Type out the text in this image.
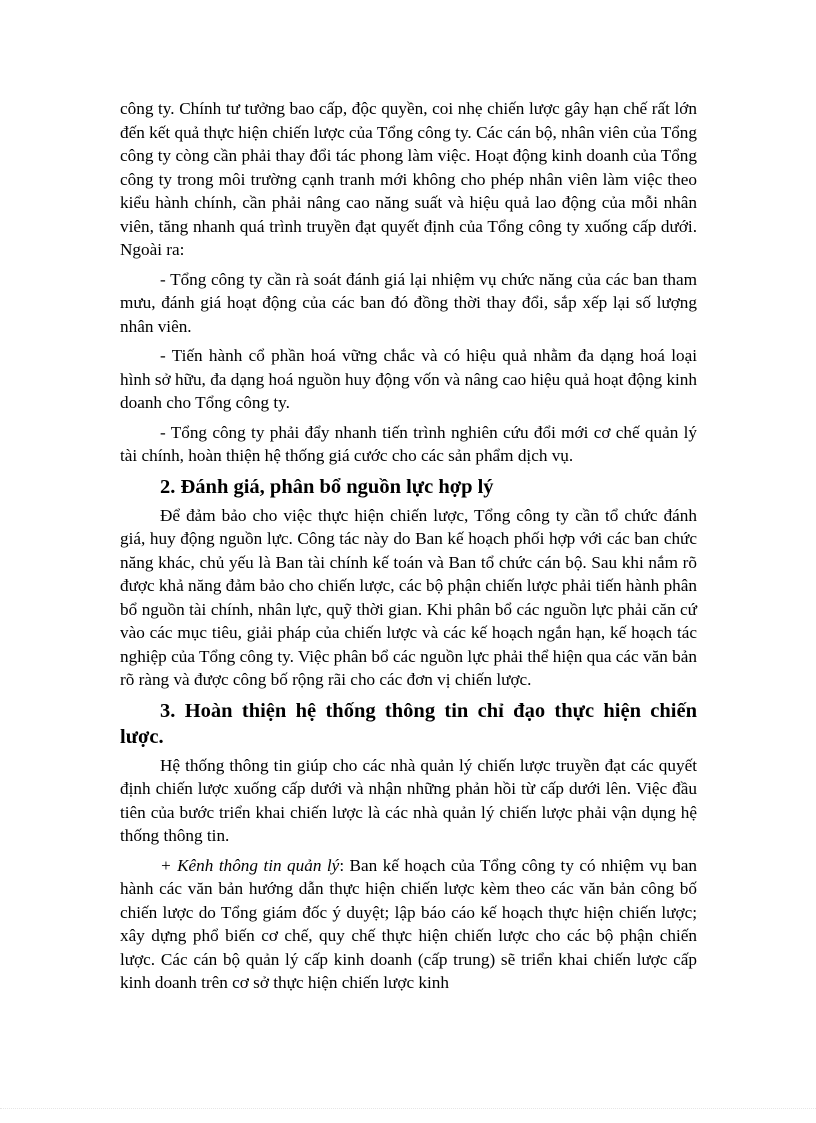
công ty. Chính tư tưởng bao cấp, độc quyền, coi nhẹ chiến lược gây hạn chế rất lớn đến kết quả thực hiện chiến lược của Tổng công ty. Các cán bộ, nhân viên của Tổng công ty còng cần phải thay đổi tác phong làm việc. Hoạt động kinh doanh của Tổng công ty trong môi trường cạnh tranh mới không cho phép nhân viên làm việc theo kiểu hành chính, cần phải nâng cao năng suất và hiệu quả lao động của mỗi nhân viên, tăng nhanh quá trình truyền đạt quyết định của Tổng công ty xuống cấp dưới. Ngoài ra:

- Tổng công ty cần rà soát đánh giá lại nhiệm vụ chức năng của các ban tham mưu, đánh giá hoạt động của các ban đó đồng thời thay đổi, sắp xếp lại số lượng nhân viên.

- Tiến hành cổ phần hoá vững chắc và có hiệu quả nhằm đa dạng hoá loại hình sở hữu, đa dạng hoá nguồn huy động vốn và nâng cao hiệu quả hoạt động kinh doanh cho Tổng công ty.

- Tổng công ty phải đẩy nhanh tiến trình nghiên cứu đổi mới cơ chế quản lý tài chính, hoàn thiện hệ thống giá cước cho các sản phẩm dịch vụ.

2. Đánh giá, phân bổ nguồn lực hợp lý

Để đảm bảo cho việc thực hiện chiến lược, Tổng công ty cần tổ chức đánh giá, huy động nguồn lực. Công tác này do Ban kế hoạch phối hợp với các ban chức năng khác, chủ yếu là Ban tài chính kế toán và Ban tổ chức cán bộ. Sau khi nắm rõ được khả năng đảm bảo cho chiến lược, các bộ phận chiến lược phải tiến hành phân bổ nguồn tài chính, nhân lực, quỹ thời gian. Khi phân bổ các nguồn lực phải căn cứ vào các mục tiêu, giải pháp của chiến lược và các kế hoạch ngắn hạn, kế hoạch tác nghiệp của Tổng công ty. Việc phân bổ các nguồn lực phải thể hiện qua các văn bản rõ ràng và được công bố rộng rãi cho các đơn vị chiến lược.

3. Hoàn thiện hệ thống thông tin chỉ đạo thực hiện chiến lược.

Hệ thống thông tin giúp cho các nhà quản lý chiến lược truyền đạt các quyết định chiến lược xuống cấp dưới và nhận những phản hồi từ cấp dưới lên. Việc đầu tiên của bước triển khai chiến lược là các nhà quản lý chiến lược phải vận dụng hệ thống thông tin.

+ Kênh thông tin quản lý: Ban kế hoạch của Tổng công ty có nhiệm vụ ban hành các văn bản hướng dẫn thực hiện chiến lược kèm theo các văn bản công bố chiến lược do Tổng giám đốc ý duyệt; lập báo cáo kế hoạch thực hiện chiến lược; xây dựng phổ biến cơ chế, quy chế thực hiện chiến lược cho các bộ phận chiến lược. Các cán bộ quản lý cấp kinh doanh (cấp trung) sẽ triển khai chiến lược cấp kinh doanh trên cơ sở thực hiện chiến lược kinh
